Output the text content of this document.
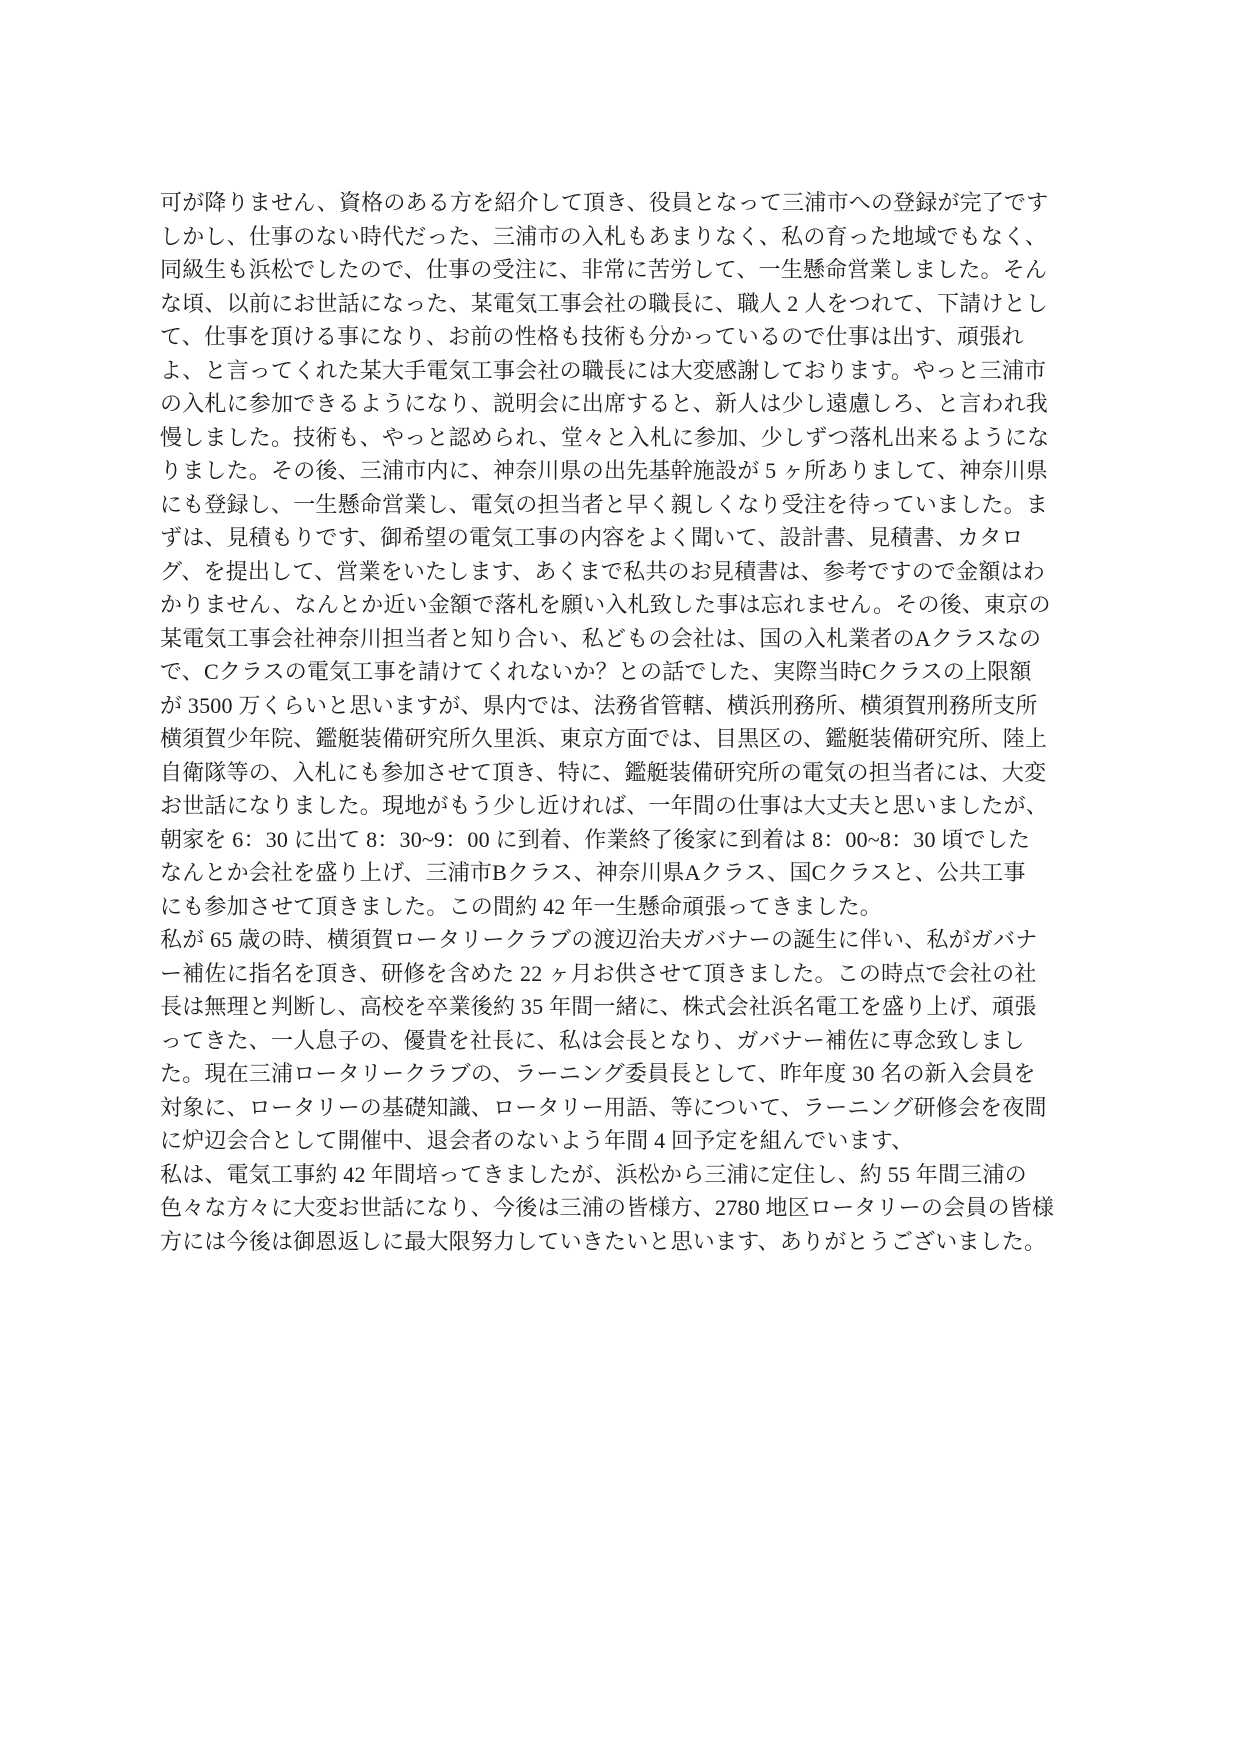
可が降りません、資格のある方を紹介して頂き、役員となって三浦市への登録が完了です
しかし、仕事のない時代だった、三浦市の入札もあまりなく、私の育った地域でもなく、
同級生も浜松でしたので、仕事の受注に、非常に苦労して、一生懸命営業しました。そん
な頃、以前にお世話になった、某電気工事会社の職長に、職人 2 人をつれて、下請けとし
て、仕事を頂ける事になり、お前の性格も技術も分かっているので仕事は出す、頑張れ
よ、と言ってくれた某大手電気工事会社の職長には大変感謝しております。やっと三浦市
の入札に参加できるようになり、説明会に出席すると、新人は少し遠慮しろ、と言われ我
慢しました。技術も、やっと認められ、堂々と入札に参加、少しずつ落札出来るようにな
りました。その後、三浦市内に、神奈川県の出先基幹施設が 5 ヶ所ありまして、神奈川県
にも登録し、一生懸命営業し、電気の担当者と早く親しくなり受注を待っていました。ま
ずは、見積もりです、御希望の電気工事の内容をよく聞いて、設計書、見積書、カタロ
グ、を提出して、営業をいたします、あくまで私共のお見積書は、参考ですので金額はわ
かりません、なんとか近い金額で落札を願い入札致した事は忘れません。その後、東京の
某電気工事会社神奈川担当者と知り合い、私どもの会社は、国の入札業者のAクラスなの
で、Cクラスの電気工事を請けてくれないか？との話でした、実際当時Cクラスの上限額
が 3500 万くらいと思いますが、県内では、法務省管轄、横浜刑務所、横須賀刑務所支所
横須賀少年院、鑑艇装備研究所久里浜、東京方面では、目黒区の、鑑艇装備研究所、陸上
自衛隊等の、入札にも参加させて頂き、特に、鑑艇装備研究所の電気の担当者には、大変
お世話になりました。現地がもう少し近ければ、一年間の仕事は大丈夫と思いましたが、
朝家を 6：30 に出て 8：30~9：00 に到着、作業終了後家に到着は 8：00~8：30 頃でした
なんとか会社を盛り上げ、三浦市Bクラス、神奈川県Aクラス、国Cクラスと、公共工事
にも参加させて頂きました。この間約 42 年一生懸命頑張ってきました。
私が 65 歳の時、横須賀ロータリークラブの渡辺治夫ガバナーの誕生に伴い、私がガバナ
ー補佐に指名を頂き、研修を含めた 22 ヶ月お供させて頂きました。この時点で会社の社
長は無理と判断し、高校を卒業後約 35 年間一緒に、株式会社浜名電工を盛り上げ、頑張
ってきた、一人息子の、優貴を社長に、私は会長となり、ガバナー補佐に専念致しまし
た。現在三浦ロータリークラブの、ラーニング委員長として、昨年度 30 名の新入会員を
対象に、ロータリーの基礎知識、ロータリー用語、等について、ラーニング研修会を夜間
に炉辺会合として開催中、退会者のないよう年間 4 回予定を組んでいます、
私は、電気工事約 42 年間培ってきましたが、浜松から三浦に定住し、約 55 年間三浦の
色々な方々に大変お世話になり、今後は三浦の皆様方、2780 地区ロータリーの会員の皆様
方には今後は御恩返しに最大限努力していきたいと思います、ありがとうございました。
